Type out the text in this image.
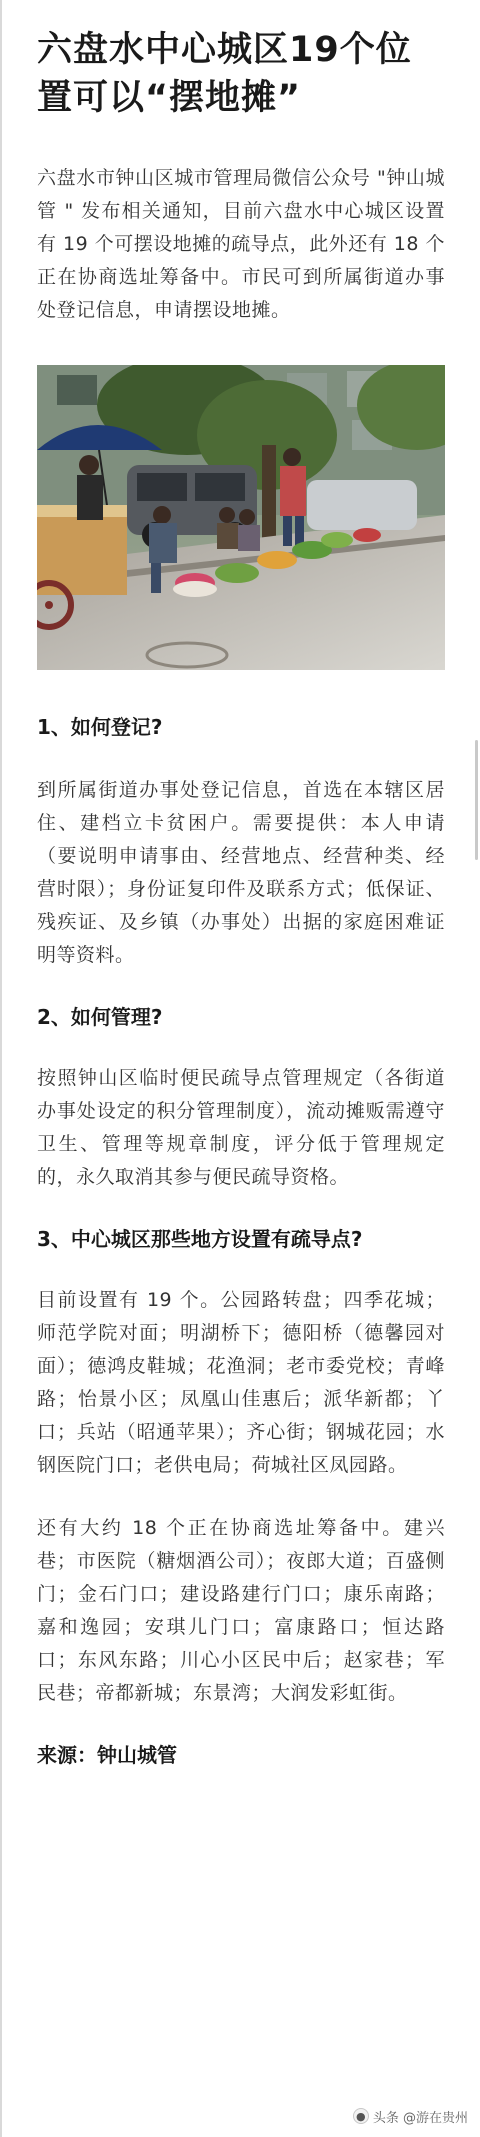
六盘水中心城区19个位置可以“摆地摊”

六盘水市钟山区城市管理局微信公众号 "钟山城管 " 发布相关通知，目前六盘水中心城区设置有 19 个可摆设地摊的疏导点，此外还有 18 个正在协商选址筹备中。市民可到所属街道办事处登记信息，申请摆设地摊。

1、如何登记?

到所属街道办事处登记信息，首选在本辖区居住、建档立卡贫困户。需要提供：本人申请（要说明申请事由、经营地点、经营种类、经营时限）；身份证复印件及联系方式；低保证、残疾证、及乡镇（办事处）出据的家庭困难证明等资料。

2、如何管理?

按照钟山区临时便民疏导点管理规定（各街道办事处设定的积分管理制度），流动摊贩需遵守卫生、管理等规章制度，评分低于管理规定的，永久取消其参与便民疏导资格。

3、中心城区那些地方设置有疏导点?

目前设置有 19 个。公园路转盘；四季花城；师范学院对面；明湖桥下；德阳桥（德馨园对面）；德鸿皮鞋城；花渔洞；老市委党校；青峰路；怡景小区；凤凰山佳惠后；派华新都；丫口；兵站（昭通苹果）；齐心街；钢城花园；水钢医院门口；老供电局；荷城社区凤园路。

还有大约 18 个正在协商选址筹备中。建兴巷；市医院（糖烟酒公司）；夜郎大道；百盛侧门；金石门口；建设路建行门口；康乐南路；嘉和逸园；安琪儿门口；富康路口；恒达路口；东风东路；川心小区民中后；赵家巷；军民巷；帝都新城；东景湾；大润发彩虹街。

来源：钟山城管
● 头条 @游在贵州
